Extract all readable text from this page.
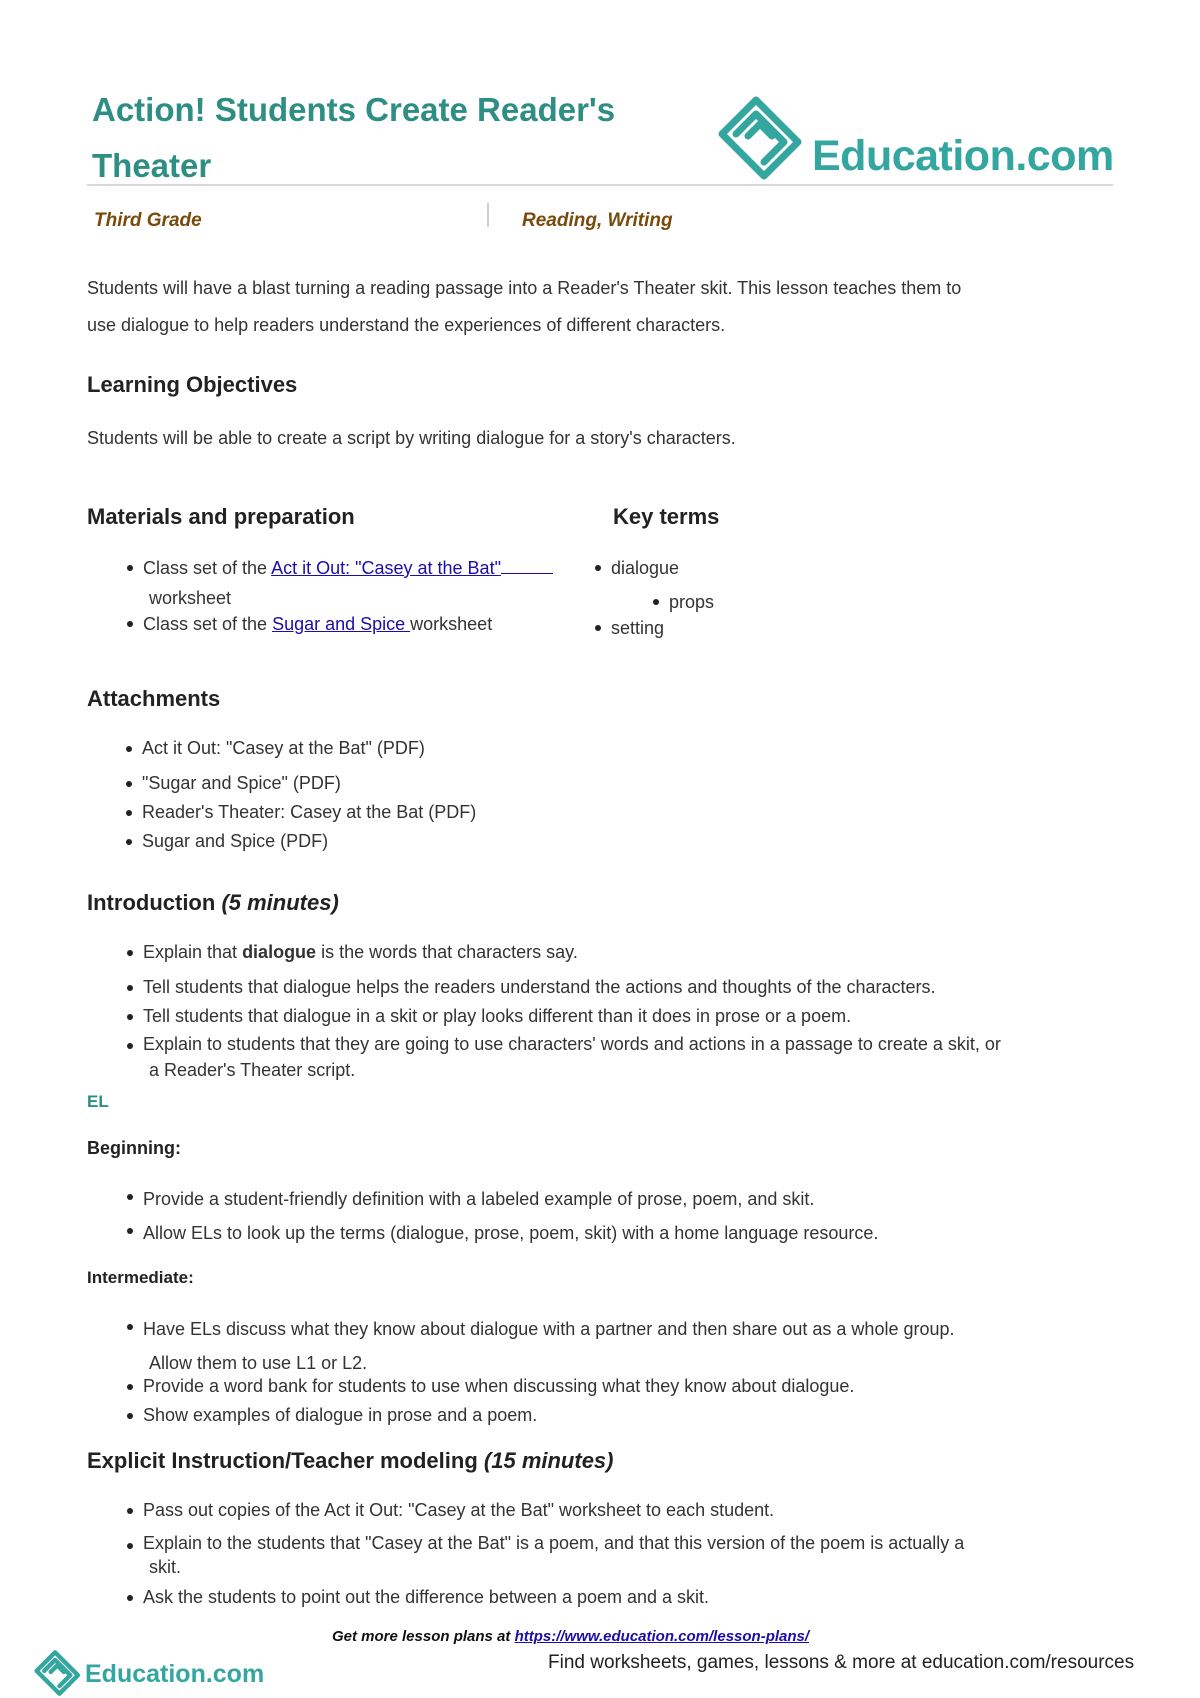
Action! Students Create Reader's
Theater	Education.com
Third Grade	Reading, Writing

Students will have a blast turning a reading passage into a Reader's Theater skit. This lesson teaches them to

use dialogue to help readers understand the experiences of different characters.

Learning Objectives

Students will be able to create a script by writing dialogue for a story's characters.

Materials and preparation	Key terms
Class set of the Act it Out: "Casey at the Bat"
worksheet
Class set of the Sugar and Spice worksheet
dialogue
props
setting
Attachments
Act it Out: "Casey at the Bat" (PDF)
"Sugar and Spice" (PDF)
Reader's Theater: Casey at the Bat (PDF)
Sugar and Spice (PDF)
Introduction (5 minutes)
Explain that dialogue is the words that characters say.
Tell students that dialogue helps the readers understand the actions and thoughts of the characters.
Tell students that dialogue in a skit or play looks different than it does in prose or a poem.
Explain to students that they are going to use characters' words and actions in a passage to create a skit, or
a Reader's Theater script.
EL
Beginning:
Provide a student-friendly definition with a labeled example of prose, poem, and skit.
Allow ELs to look up the terms (dialogue, prose, poem, skit) with a home language resource.
Intermediate:
Have ELs discuss what they know about dialogue with a partner and then share out as a whole group.
Allow them to use L1 or L2.
Provide a word bank for students to use when discussing what they know about dialogue.
Show examples of dialogue in prose and a poem.
Explicit Instruction/Teacher modeling (15 minutes)
Pass out copies of the Act it Out: "Casey at the Bat" worksheet to each student.
Explain to the students that "Casey at the Bat" is a poem, and that this version of the poem is actually a
skit.
Ask the students to point out the difference between a poem and a skit.
Get more lesson plans at https://www.education.com/lesson-plans/
Find worksheets, games, lessons & more at education.com/resources
Education.com
